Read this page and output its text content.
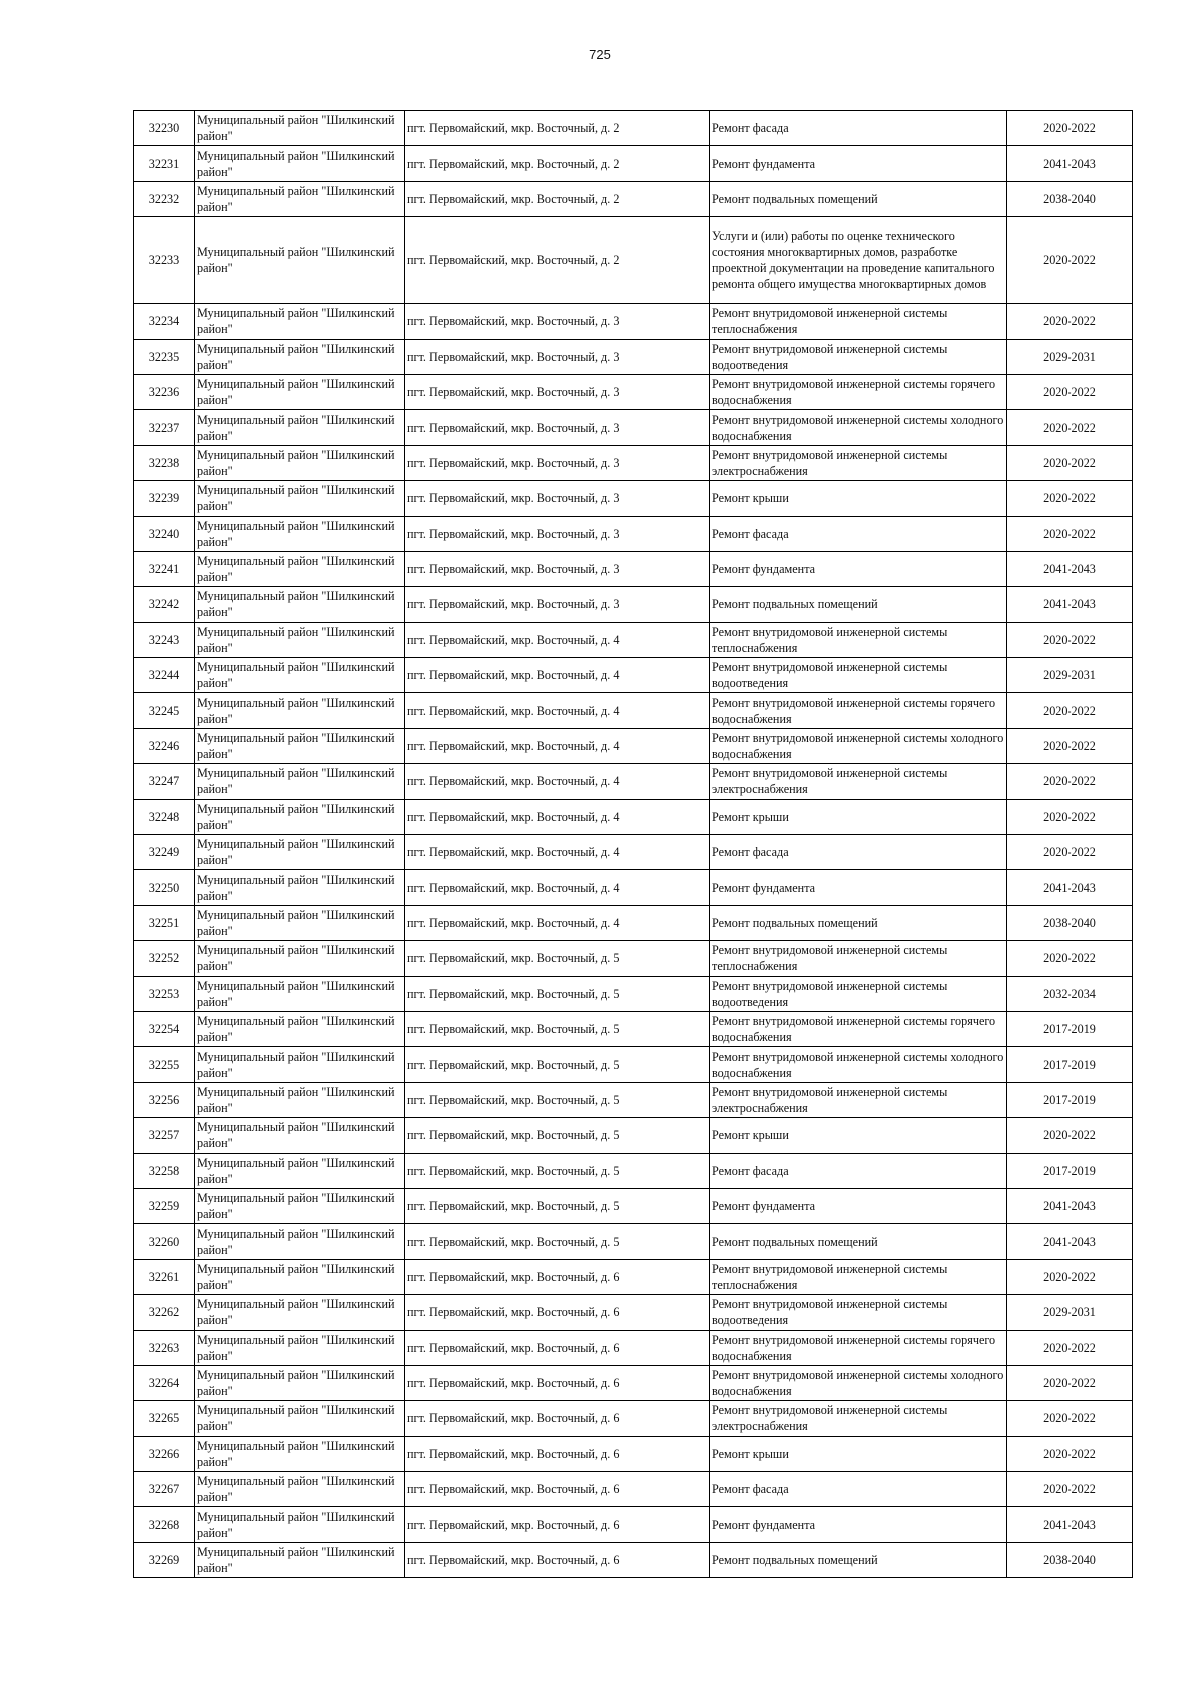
725
32230	Муниципальный район "Шилкинский район"	пгт. Первомайский, мкр. Восточный, д. 2	Ремонт фасада	2020-2022
32231	Муниципальный район "Шилкинский район"	пгт. Первомайский, мкр. Восточный, д. 2	Ремонт фундамента	2041-2043
32232	Муниципальный район "Шилкинский район"	пгт. Первомайский, мкр. Восточный, д. 2	Ремонт подвальных помещений	2038-2040
32233	Муниципальный район "Шилкинский район"	пгт. Первомайский, мкр. Восточный, д. 2	Услуги и (или) работы по оценке технического состояния многоквартирных домов, разработке проектной документации на проведение капитального ремонта общего имущества многоквартирных домов	2020-2022
32234	Муниципальный район "Шилкинский район"	пгт. Первомайский, мкр. Восточный, д. 3	Ремонт внутридомовой инженерной системы теплоснабжения	2020-2022
32235	Муниципальный район "Шилкинский район"	пгт. Первомайский, мкр. Восточный, д. 3	Ремонт внутридомовой инженерной системы водоотведения	2029-2031
32236	Муниципальный район "Шилкинский район"	пгт. Первомайский, мкр. Восточный, д. 3	Ремонт внутридомовой инженерной системы горячего водоснабжения	2020-2022
32237	Муниципальный район "Шилкинский район"	пгт. Первомайский, мкр. Восточный, д. 3	Ремонт внутридомовой инженерной системы холодного водоснабжения	2020-2022
32238	Муниципальный район "Шилкинский район"	пгт. Первомайский, мкр. Восточный, д. 3	Ремонт внутридомовой инженерной системы электроснабжения	2020-2022
32239	Муниципальный район "Шилкинский район"	пгт. Первомайский, мкр. Восточный, д. 3	Ремонт крыши	2020-2022
32240	Муниципальный район "Шилкинский район"	пгт. Первомайский, мкр. Восточный, д. 3	Ремонт фасада	2020-2022
32241	Муниципальный район "Шилкинский район"	пгт. Первомайский, мкр. Восточный, д. 3	Ремонт фундамента	2041-2043
32242	Муниципальный район "Шилкинский район"	пгт. Первомайский, мкр. Восточный, д. 3	Ремонт подвальных помещений	2041-2043
32243	Муниципальный район "Шилкинский район"	пгт. Первомайский, мкр. Восточный, д. 4	Ремонт внутридомовой инженерной системы теплоснабжения	2020-2022
32244	Муниципальный район "Шилкинский район"	пгт. Первомайский, мкр. Восточный, д. 4	Ремонт внутридомовой инженерной системы водоотведения	2029-2031
32245	Муниципальный район "Шилкинский район"	пгт. Первомайский, мкр. Восточный, д. 4	Ремонт внутридомовой инженерной системы горячего водоснабжения	2020-2022
32246	Муниципальный район "Шилкинский район"	пгт. Первомайский, мкр. Восточный, д. 4	Ремонт внутридомовой инженерной системы холодного водоснабжения	2020-2022
32247	Муниципальный район "Шилкинский район"	пгт. Первомайский, мкр. Восточный, д. 4	Ремонт внутридомовой инженерной системы электроснабжения	2020-2022
32248	Муниципальный район "Шилкинский район"	пгт. Первомайский, мкр. Восточный, д. 4	Ремонт крыши	2020-2022
32249	Муниципальный район "Шилкинский район"	пгт. Первомайский, мкр. Восточный, д. 4	Ремонт фасада	2020-2022
32250	Муниципальный район "Шилкинский район"	пгт. Первомайский, мкр. Восточный, д. 4	Ремонт фундамента	2041-2043
32251	Муниципальный район "Шилкинский район"	пгт. Первомайский, мкр. Восточный, д. 4	Ремонт подвальных помещений	2038-2040
32252	Муниципальный район "Шилкинский район"	пгт. Первомайский, мкр. Восточный, д. 5	Ремонт внутридомовой инженерной системы теплоснабжения	2020-2022
32253	Муниципальный район "Шилкинский район"	пгт. Первомайский, мкр. Восточный, д. 5	Ремонт внутридомовой инженерной системы водоотведения	2032-2034
32254	Муниципальный район "Шилкинский район"	пгт. Первомайский, мкр. Восточный, д. 5	Ремонт внутридомовой инженерной системы горячего водоснабжения	2017-2019
32255	Муниципальный район "Шилкинский район"	пгт. Первомайский, мкр. Восточный, д. 5	Ремонт внутридомовой инженерной системы холодного водоснабжения	2017-2019
32256	Муниципальный район "Шилкинский район"	пгт. Первомайский, мкр. Восточный, д. 5	Ремонт внутридомовой инженерной системы электроснабжения	2017-2019
32257	Муниципальный район "Шилкинский район"	пгт. Первомайский, мкр. Восточный, д. 5	Ремонт крыши	2020-2022
32258	Муниципальный район "Шилкинский район"	пгт. Первомайский, мкр. Восточный, д. 5	Ремонт фасада	2017-2019
32259	Муниципальный район "Шилкинский район"	пгт. Первомайский, мкр. Восточный, д. 5	Ремонт фундамента	2041-2043
32260	Муниципальный район "Шилкинский район"	пгт. Первомайский, мкр. Восточный, д. 5	Ремонт подвальных помещений	2041-2043
32261	Муниципальный район "Шилкинский район"	пгт. Первомайский, мкр. Восточный, д. 6	Ремонт внутридомовой инженерной системы теплоснабжения	2020-2022
32262	Муниципальный район "Шилкинский район"	пгт. Первомайский, мкр. Восточный, д. 6	Ремонт внутридомовой инженерной системы водоотведения	2029-2031
32263	Муниципальный район "Шилкинский район"	пгт. Первомайский, мкр. Восточный, д. 6	Ремонт внутридомовой инженерной системы горячего водоснабжения	2020-2022
32264	Муниципальный район "Шилкинский район"	пгт. Первомайский, мкр. Восточный, д. 6	Ремонт внутридомовой инженерной системы холодного водоснабжения	2020-2022
32265	Муниципальный район "Шилкинский район"	пгт. Первомайский, мкр. Восточный, д. 6	Ремонт внутридомовой инженерной системы электроснабжения	2020-2022
32266	Муниципальный район "Шилкинский район"	пгт. Первомайский, мкр. Восточный, д. 6	Ремонт крыши	2020-2022
32267	Муниципальный район "Шилкинский район"	пгт. Первомайский, мкр. Восточный, д. 6	Ремонт фасада	2020-2022
32268	Муниципальный район "Шилкинский район"	пгт. Первомайский, мкр. Восточный, д. 6	Ремонт фундамента	2041-2043
32269	Муниципальный район "Шилкинский район"	пгт. Первомайский, мкр. Восточный, д. 6	Ремонт подвальных помещений	2038-2040
